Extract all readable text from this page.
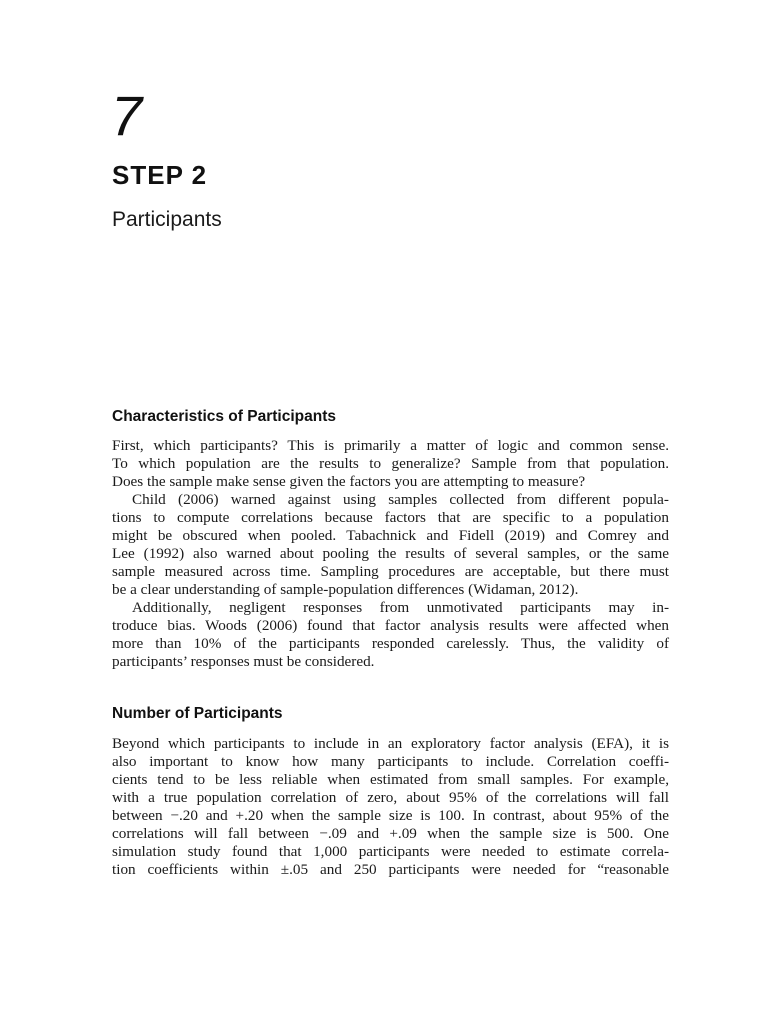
7
STEP 2
Participants
Characteristics of Participants

First, which participants? This is primarily a matter of logic and common sense.
To which population are the results to generalize? Sample from that population.
Does the sample make sense given the factors you are attempting to measure?

Child (2006) warned against using samples collected from different popula-
tions to compute correlations because factors that are specific to a population
might be obscured when pooled. Tabachnick and Fidell (2019) and Comrey and
Lee (1992) also warned about pooling the results of several samples, or the same
sample measured across time. Sampling procedures are acceptable, but there must
be a clear understanding of sample-population differences (Widaman, 2012).

Additionally, negligent responses from unmotivated participants may in-
troduce bias. Woods (2006) found that factor analysis results were affected when
more than 10% of the participants responded carelessly. Thus, the validity of
participants’ responses must be considered.

Number of Participants

Beyond which participants to include in an exploratory factor analysis (EFA), it is
also important to know how many participants to include. Correlation coeffi-
cients tend to be less reliable when estimated from small samples. For example,
with a true population correlation of zero, about 95% of the correlations will fall
between −.20 and +.20 when the sample size is 100. In contrast, about 95% of the
correlations will fall between −.09 and +.09 when the sample size is 500. One
simulation study found that 1,000 participants were needed to estimate correla-
tion coefficients within ±.05 and 250 participants were needed for “reasonable
